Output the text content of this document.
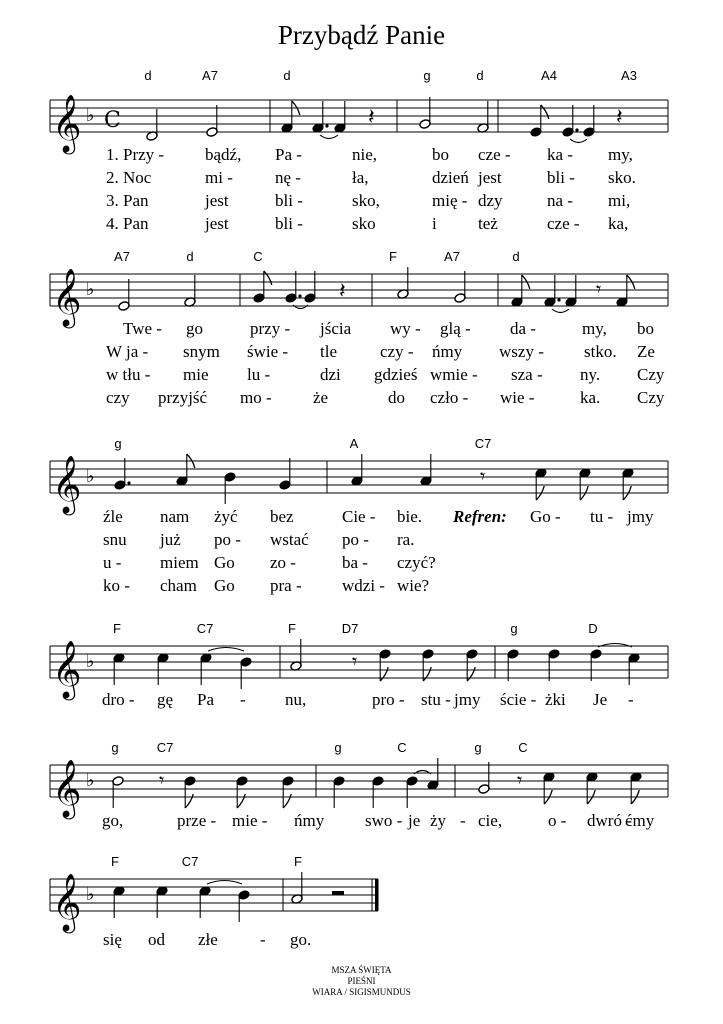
Przybądź Panie
𝄞 ♭ C
d	A7	d	g	d	A4	A3
𝄽	𝄽
1. Przy - bądź, Pa -	nie,	bo cze - ka - my,
2. Noc	mi - nę -	ła,	dzień jest	bli - sko.
3. Pan	jest	bli -	sko,	mię - dzy	na - mi,
4. Pan	jest	bli -	sko	i też	cze - ka,
𝄞 ♭
A7	d	C	F	A7	d
𝄽	𝄾
Twe - go	przy - jścia wy - glą - da -	my, bo
W ja - snym świe - tle	czy - ńmy wszy - stko. Ze
w tłu - mie lu -	dzi gdzieś wmie - sza - ny. Czy
czy przyjść mo - że	do czło - wie -	ka. Czy
𝄞 ♭
g	A	C7
𝄾
źle nam żyć bez	Cie - bie.	Go - tu - jmy
snu już po - wstać po - ra.
u - miem Go zo -	ba - czyć?
ko - cham Go pra - wdzi - wie?
Refren:
𝄞 ♭
F	C7	F	D7	g	D
𝄾
dro - gę Pa - nu,	pro - stu - jmy ście - żki Je -
𝄞 ♭
g	C7	g	C	g	C
𝄾	𝄾
go,	prze - mie - ńmy swo - je ży - cie,	o - dwró -
ćmy
𝄞 ♭
F	C7	F
się od złe - go.
MSZA ŚWIĘTA
PIEŚNI
WIARA / SIGISMUNDUS
